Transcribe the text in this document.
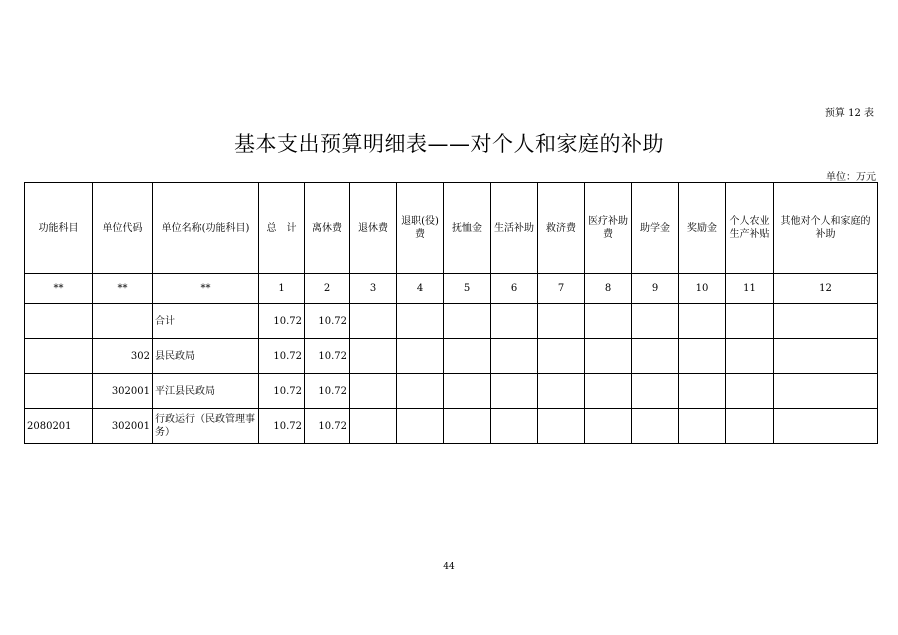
预算 12 表
基本支出预算明细表——对个人和家庭的补助
单位：万元
功能科目	单位代码	单位名称(功能科目)	总　计	离休费	退休费	退职(役)费	抚恤金	生活补助	救济费	医疗补助费	助学金	奖励金	个人农业生产补贴	其他对个人和家庭的补助
**	**	**	1	2	3	4	5	6	7	8	9	10	11	12
		合计	10.72	10.72										
	302	县民政局	10.72	10.72										
	302001	平江县民政局	10.72	10.72										
2080201	302001	行政运行（民政管理事务）	10.72	10.72										
44
